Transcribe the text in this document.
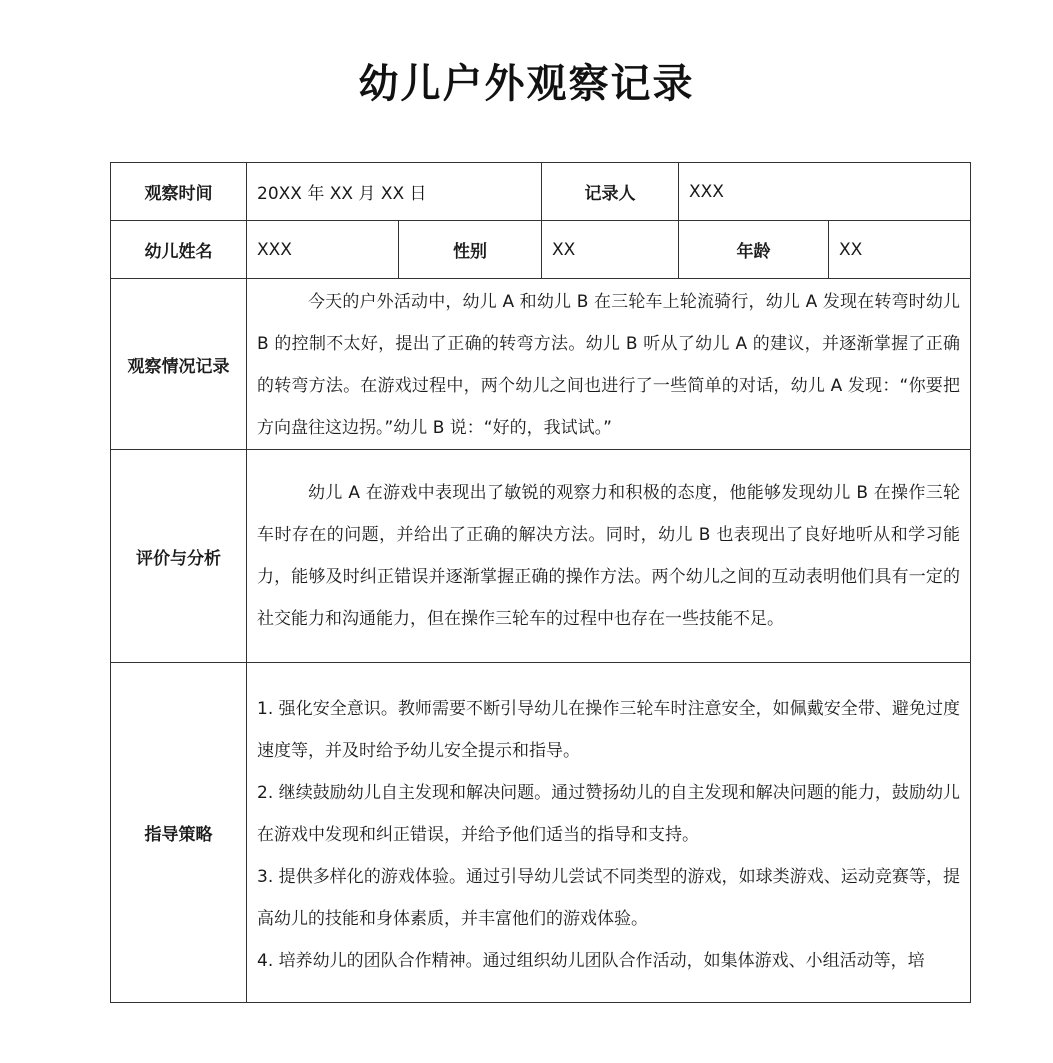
幼儿户外观察记录
观察时间	20XX 年 XX 月 XX 日		记录人	XXX	
幼儿姓名	XXX	性别	XX	年龄	XX
观察情况记录	今天的户外活动中，幼儿 A 和幼儿 B 在三轮车上轮流骑行，幼儿 A 发现在转弯时幼儿 B 的控制不太好，提出了正确的转弯方法。幼儿 B 听从了幼儿 A 的建议，并逐渐掌握了正确的转弯方法。在游戏过程中，两个幼儿之间也进行了一些简单的对话，幼儿 A 发现：“你要把方向盘往这边拐。”幼儿 B 说：“好的，我试试。”				

评价与分析	幼儿 A 在游戏中表现出了敏锐的观察力和积极的态度，他能够发现幼儿 B 在操作三轮车时存在的问题，并给出了正确的解决方法。同时，幼儿 B 也表现出了良好地听从和学习能力，能够及时纠正错误并逐渐掌握正确的操作方法。两个幼儿之间的互动表明他们具有一定的社交能力和沟通能力，但在操作三轮车的过程中也存在一些技能不足。				

指导策略	1. 强化安全意识。教师需要不断引导幼儿在操作三轮车时注意安全，如佩戴安全带、避免过度速度等，并及时给予幼儿安全提示和指导。

2. 继续鼓励幼儿自主发现和解决问题。通过赞扬幼儿的自主发现和解决问题的能力，鼓励幼儿在游戏中发现和纠正错误，并给予他们适当的指导和支持。

3. 提供多样化的游戏体验。通过引导幼儿尝试不同类型的游戏，如球类游戏、运动竞赛等，提高幼儿的技能和身体素质，并丰富他们的游戏体验。

4. 培养幼儿的团队合作精神。通过组织幼儿团队合作活动，如集体游戏、小组活动等，培				
